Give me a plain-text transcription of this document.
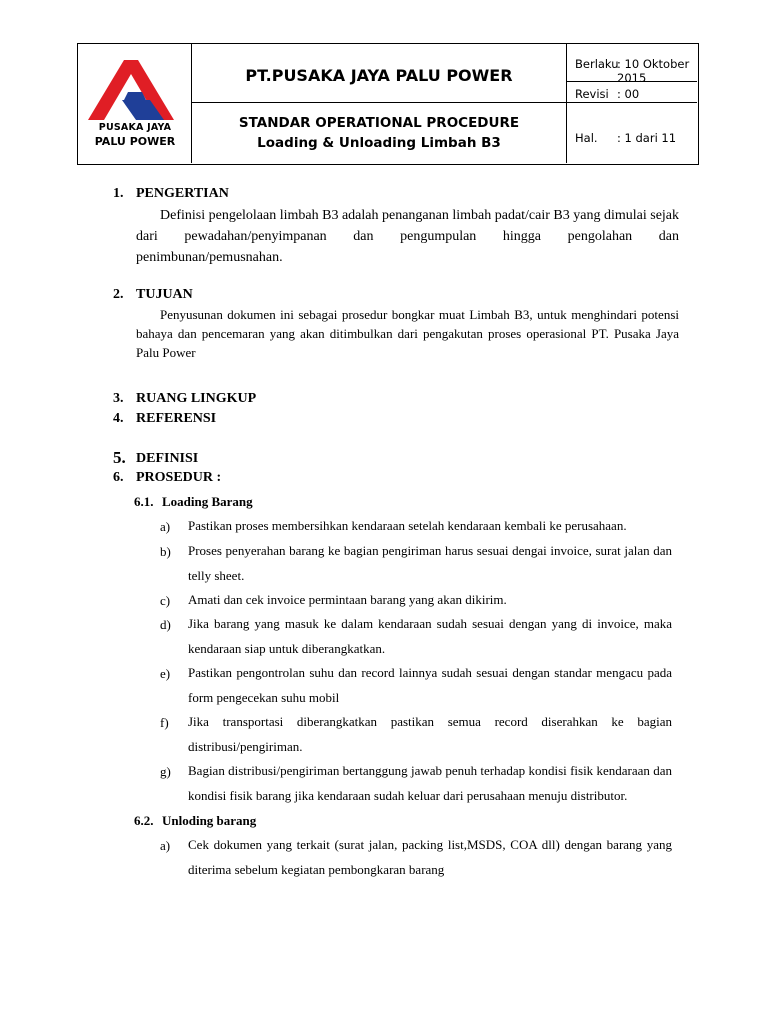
PUSAKA JAYA
PALU POWER
PT.PUSAKA JAYA PALU POWER
STANDAR OPERATIONAL PROCEDURE
Loading & Unloading Limbah B3
Berlaku
: 10 Oktober 2015
Revisi : 00
Hal. : 1 dari 11
1. PENGERTIAN
Definisi pengelolaan limbah B3 adalah penanganan limbah padat/cair B3 yang dimulai sejak dari pewadahan/penyimpanan dan pengumpulan hingga pengolahan dan penimbunan/pemusnahan.
2. TUJUAN
Penyusunan dokumen ini sebagai prosedur bongkar muat Limbah B3, untuk menghindari potensi bahaya dan pencemaran yang akan ditimbulkan dari pengakutan proses operasional PT. Pusaka Jaya Palu Power
3. RUANG LINGKUP
4. REFERENSI
5. DEFINISI
6. PROSEDUR :
6.1. Loading Barang
a) Pastikan proses membersihkan kendaraan setelah kendaraan kembali ke perusahaan.
b) Proses penyerahan barang ke bagian pengiriman harus sesuai dengai invoice, surat jalan dan telly sheet.
c) Amati dan cek invoice permintaan barang yang akan dikirim.
d) Jika barang yang masuk ke dalam kendaraan sudah sesuai dengan yang di invoice, maka kendaraan siap untuk diberangkatkan.
e) Pastikan pengontrolan suhu dan record lainnya sudah sesuai dengan standar mengacu pada form pengecekan suhu mobil
f) Jika transportasi diberangkatkan pastikan semua record diserahkan ke bagian distribusi/pengiriman.
g) Bagian distribusi/pengiriman bertanggung jawab penuh terhadap kondisi fisik kendaraan dan kondisi fisik barang jika kendaraan sudah keluar dari perusahaan menuju distributor.
6.2. Unloding barang
a) Cek dokumen yang terkait (surat jalan, packing list,MSDS, COA dll) dengan barang yang diterima sebelum kegiatan pembongkaran barang
